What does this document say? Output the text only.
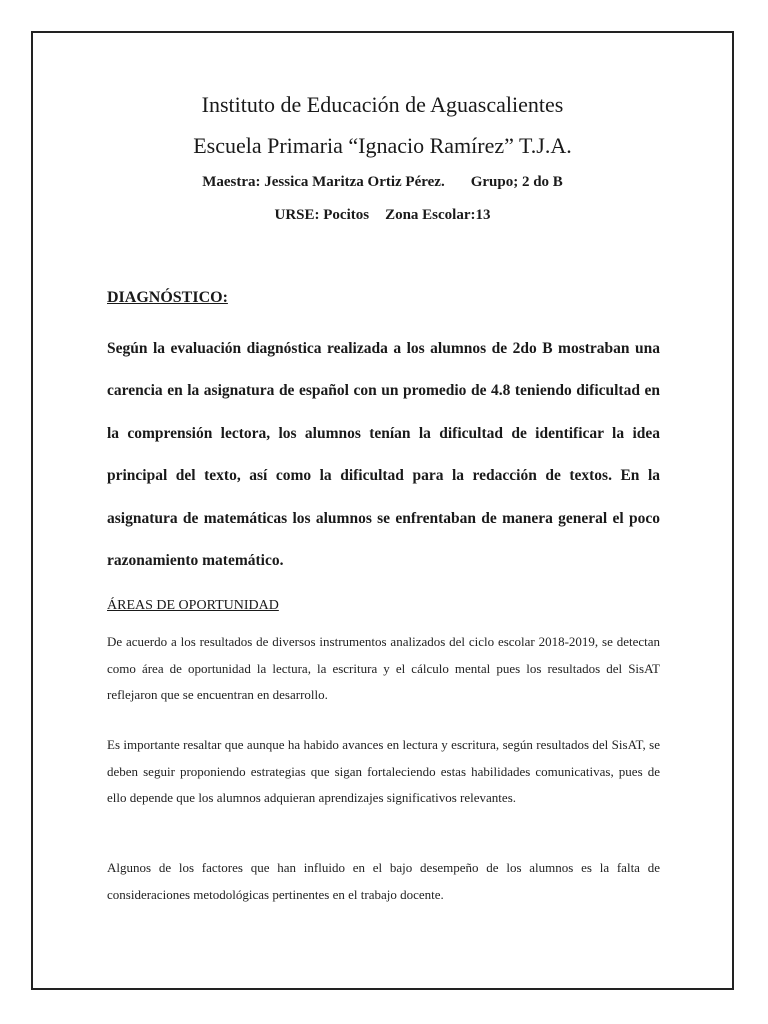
Instituto de Educación de Aguascalientes
Escuela Primaria “Ignacio Ramírez” T.J.A.
Maestra: Jessica Maritza Ortiz Pérez. Grupo; 2 do B
URSE: Pocitos Zona Escolar:13
DIAGNÓSTICO:

Según la evaluación diagnóstica realizada a los alumnos de 2do B mostraban una carencia en la asignatura de español con un promedio de 4.8 teniendo dificultad en la comprensión lectora, los alumnos tenían la dificultad de identificar la idea principal del texto, así como la dificultad para la redacción de textos. En la asignatura de matemáticas los alumnos se enfrentaban de manera general el poco razonamiento matemático.

ÁREAS DE OPORTUNIDAD

De acuerdo a los resultados de diversos instrumentos analizados del ciclo escolar 2018-2019, se detectan como área de oportunidad la lectura, la escritura y el cálculo mental pues los resultados del SisAT reflejaron que se encuentran en desarrollo.

Es importante resaltar que aunque ha habido avances en lectura y escritura, según resultados del SisAT, se deben seguir proponiendo estrategias que sigan fortaleciendo estas habilidades comunicativas, pues de ello depende que los alumnos adquieran aprendizajes significativos relevantes.

Algunos de los factores que han influido en el bajo desempeño de los alumnos es la falta de consideraciones metodológicas pertinentes en el trabajo docente.
